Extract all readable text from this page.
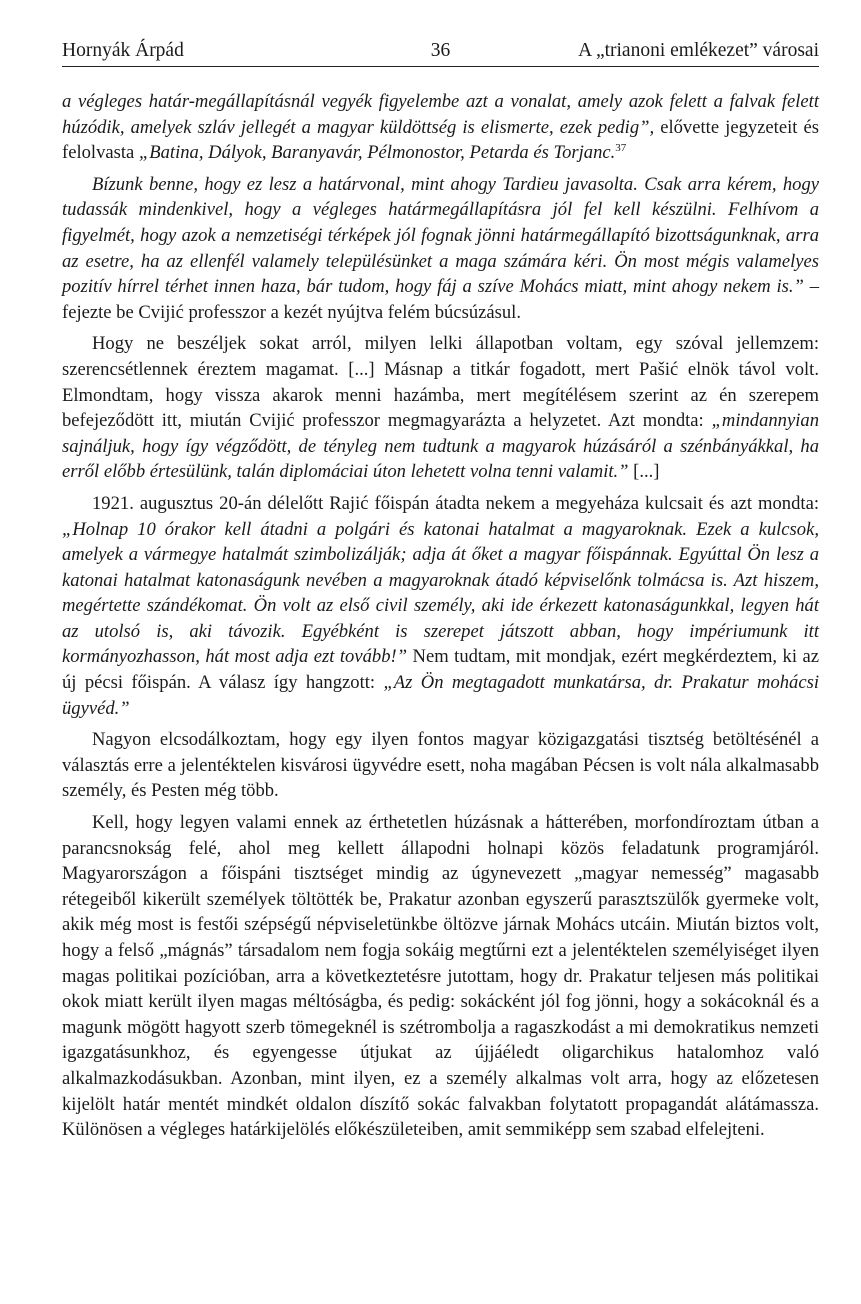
Hornyák Árpád	36	A „trianoni emlékezet” városai

a végleges határ-megállapításnál vegyék figyelembe azt a vonalat, amely azok felett a falvak felett húzódik, amelyek szláv jellegét a magyar küldöttség is elismerte, ezek pedig”, elővette jegyzeteit és felolvasta „Batina, Dályok, Baranyavár, Pélmonostor, Petarda és Torjanc.$^{37}$

Bízunk benne, hogy ez lesz a határvonal, mint ahogy Tardieu javasolta. Csak arra kérem, hogy tudassák mindenkivel, hogy a végleges határmegállapításra jól fel kell készülni. Felhívom a figyelmét, hogy azok a nemzetiségi térképek jól fognak jönni határmegállapító bizottságunknak, arra az esetre, ha az ellenfél valamely településünket a maga számára kéri. Ön most mégis valamelyes pozitív hírrel térhet innen haza, bár tudom, hogy fáj a szíve Mohács miatt, mint ahogy nekem is.” – fejezte be Cvijić professzor a kezét nyújtva felém búcsúzásul.

Hogy ne beszéljek sokat arról, milyen lelki állapotban voltam, egy szóval jellemzem: szerencsétlennek éreztem magamat. [...] Másnap a titkár fogadott, mert Pašić elnök távol volt. Elmondtam, hogy vissza akarok menni hazámba, mert megítélésem szerint az én szerepem befejeződött itt, miután Cvijić professzor megmagyarázta a helyzetet. Azt mondta: „mindannyian sajnáljuk, hogy így végződött, de tényleg nem tudtunk a magyarok húzásáról a szénbányákkal, ha erről előbb értesülünk, talán diplomáciai úton lehetett volna tenni valamit.” [...]

1921. augusztus 20-án délelőtt Rajić főispán átadta nekem a megyeháza kulcsait és azt mondta: „Holnap 10 órakor kell átadni a polgári és katonai hatalmat a magyaroknak. Ezek a kulcsok, amelyek a vármegye hatalmát szimbolizálják; adja át őket a magyar főispánnak. Egyúttal Ön lesz a katonai hatalmat katonaságunk nevében a magyaroknak átadó képviselőnk tolmácsa is. Azt hiszem, megértette szándékomat. Ön volt az első civil személy, aki ide érkezett katonaságunkkal, legyen hát az utolsó is, aki távozik. Egyébként is szerepet játszott abban, hogy impériumunk itt kormányozhasson, hát most adja ezt tovább!” Nem tudtam, mit mondjak, ezért megkérdeztem, ki az új pécsi főispán. A válasz így hangzott: „Az Ön megtagadott munkatársa, dr. Prakatur mohácsi ügyvéd.”

Nagyon elcsodálkoztam, hogy egy ilyen fontos magyar közigazgatási tisztség betöltésénél a választás erre a jelentéktelen kisvárosi ügyvédre esett, noha magában Pécsen is volt nála alkalmasabb személy, és Pesten még több.

Kell, hogy legyen valami ennek az érthetetlen húzásnak a hátterében, morfondíroztam útban a parancsnokság felé, ahol meg kellett állapodni holnapi közös feladatunk programjáról. Magyarországon a főispáni tisztséget mindig az úgynevezett „magyar nemesség” magasabb rétegeiből kikerült személyek töltötték be, Prakatur azonban egyszerű parasztszülők gyermeke volt, akik még most is festői szépségű népviseletünkbe öltözve járnak Mohács utcáin. Miután biztos volt, hogy a felső „mágnás” társadalom nem fogja sokáig megtűrni ezt a jelentéktelen személyiséget ilyen magas politikai pozícióban, arra a következtetésre jutottam, hogy dr. Prakatur teljesen más politikai okok miatt került ilyen magas méltóságba, és pedig: sokácként jól fog jönni, hogy a sokácoknál és a magunk mögött hagyott szerb tömegeknél is szétrombolja a ragaszkodást a mi demokratikus nemzeti igazgatásunkhoz, és egyengesse útjukat az újjáéledt oligarchikus hatalomhoz való alkalmazkodásukban. Azonban, mint ilyen, ez a személy alkalmas volt arra, hogy az előzetesen kijelölt határ mentét mindkét oldalon díszítő sokác falvakban folytatott propagandát alátámassza. Különösen a végleges határkijelölés előkészületeiben, amit semmiképp sem szabad elfelejteni.
